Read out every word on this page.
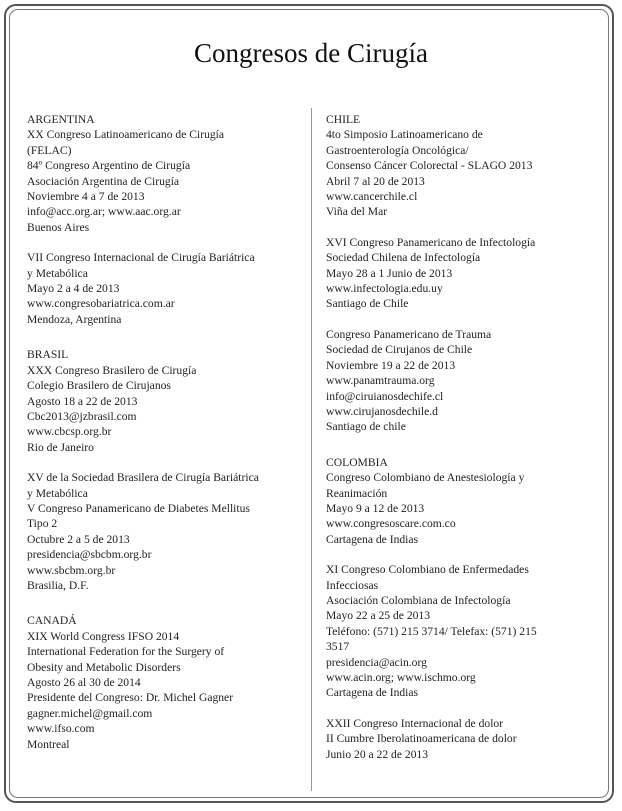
Congresos de Cirugía
ARGENTINA
XX Congreso Latinoamericano de Cirugía
(FELAC)
84º Congreso Argentino de Cirugía
Asociación Argentina de Cirugía
Noviembre 4 a 7 de 2013
info@acc.org.ar; www.aac.org.ar
Buenos Aires
VII Congreso Internacional de Cirugía Bariátrica
y Metabólica
Mayo 2 a 4 de 2013
www.congresobariatrica.com.ar
Mendoza, Argentina
BRASIL
XXX Congreso Brasilero de Cirugía
Colegio Brasilero de Cirujanos
Agosto 18 a 22 de 2013
Cbc2013@jzbrasil.com
www.cbcsp.org.br
Rio de Janeiro
XV de la Sociedad Brasilera de Cirugía Bariátrica
y Metabólica
V Congreso Panamericano de Diabetes Mellitus
Tipo 2
Octubre 2 a 5 de 2013
presidencia@sbcbm.org.br
www.sbcbm.org.br
Brasilia, D.F.
CANADÁ
XIX World Congress IFSO 2014
International Federation for the Surgery of
Obesity and Metabolic Disorders
Agosto 26 al 30 de 2014
Presidente del Congreso: Dr. Michel Gagner
gagner.michel@gmail.com
www.ifso.com
Montreal
CHILE
4to Simposio Latinoamericano de
Gastroenterología Oncológica/
Consenso Cáncer Colorectal - SLAGO 2013
Abril 7 al 20 de 2013
www.cancerchile.cl
Viña del Mar
XVI Congreso Panamericano de Infectología
Sociedad Chilena de Infectología
Mayo 28 a 1 Junio de 2013
www.infectologia.edu.uy
Santiago de Chile
Congreso Panamericano de Trauma
Sociedad de Cirujanos de Chile
Noviembre 19 a 22 de 2013
www.panamtrauma.org
info@ciruianosdechife.cl
www.cirujanosdechile.d
Santiago de chile
COLOMBIA
Congreso Colombiano de Anestesiología y
Reanimación
Mayo 9 a 12 de 2013
www.congresoscare.com.co
Cartagena de Indias
XI Congreso Colombiano de Enfermedades
Infecciosas
Asociación Colombiana de Infectología
Mayo 22 a 25 de 2013
Teléfono: (571) 215 3714/ Telefax: (571) 215
3517
presidencia@acin.org
www.acin.org; www.ischmo.org
Cartagena de Indias
XXII Congreso Internacional de dolor
II Cumbre Iberolatinoamericana de dolor
Junio 20 a 22 de 2013
